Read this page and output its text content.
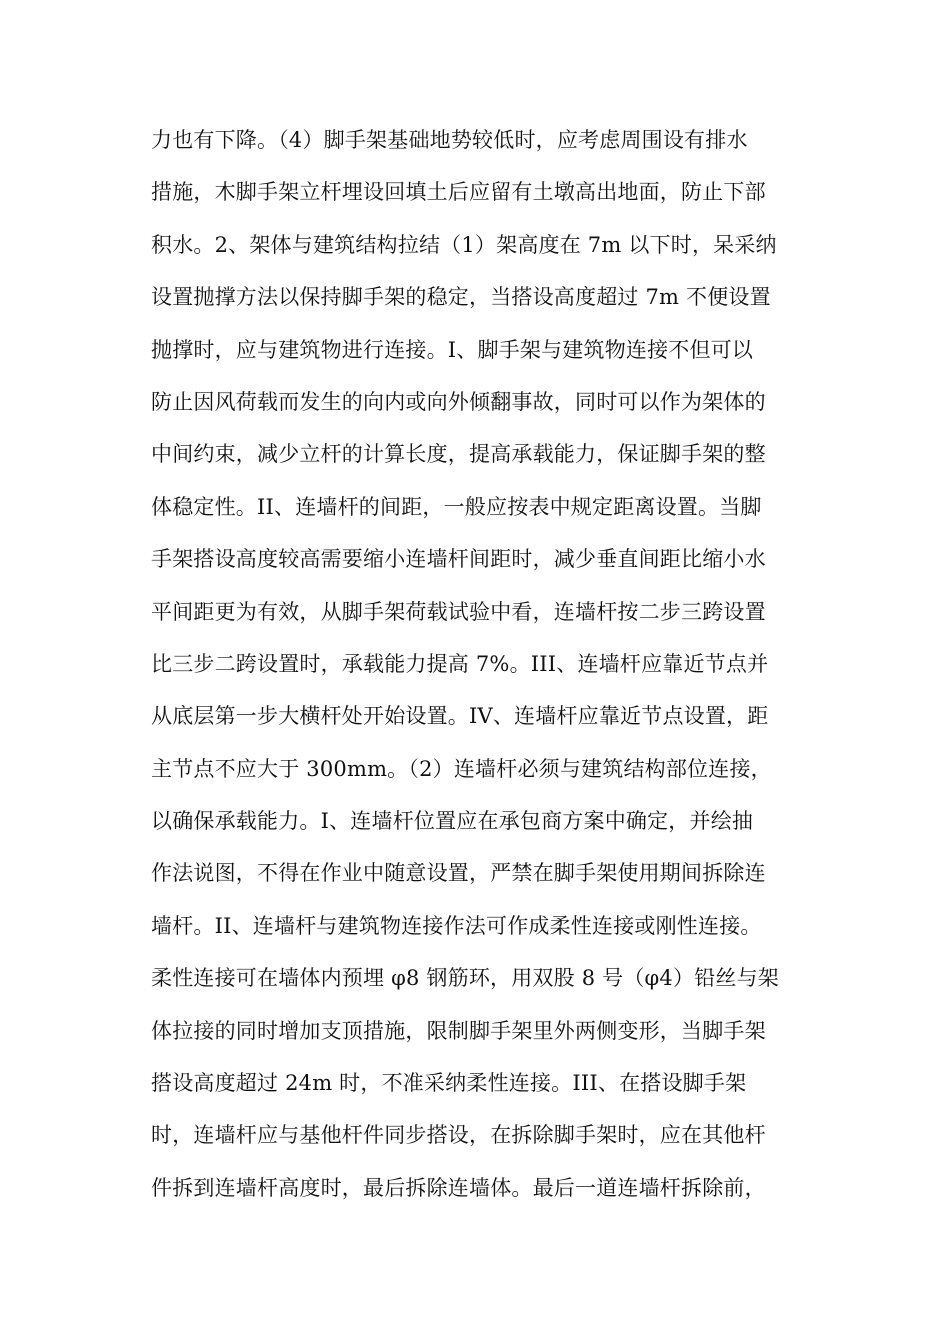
力也有下降。（4）脚手架基础地势较低时，应考虑周围设有排水
措施，木脚手架立杆埋设回填土后应留有土墩高出地面，防止下部
积水。2、架体与建筑结构拉结（1）架高度在 7m 以下时，呆采纳
设置抛撑方法以保持脚手架的稳定，当搭设高度超过 7m 不便设置
抛撑时，应与建筑物进行连接。I、脚手架与建筑物连接不但可以
防止因风荷载而发生的向内或向外倾翻事故，同时可以作为架体的
中间约束，减少立杆的计算长度，提高承载能力，保证脚手架的整
体稳定性。II、连墙杆的间距，一般应按表中规定距离设置。当脚
手架搭设高度较高需要缩小连墙杆间距时，减少垂直间距比缩小水
平间距更为有效，从脚手架荷载试验中看，连墙杆按二步三跨设置
比三步二跨设置时，承载能力提高 7%。III、连墙杆应靠近节点并
从底层第一步大横杆处开始设置。IV、连墙杆应靠近节点设置，距
主节点不应大于 300mm。（2）连墙杆必须与建筑结构部位连接，
以确保承载能力。I、连墙杆位置应在承包商方案中确定，并绘抽
作法说图，不得在作业中随意设置，严禁在脚手架使用期间拆除连
墙杆。II、连墙杆与建筑物连接作法可作成柔性连接或刚性连接。
柔性连接可在墙体内预埋 φ8 钢筋环，用双股 8 号（φ4）铅丝与架
体拉接的同时增加支顶措施，限制脚手架里外两侧变形，当脚手架
搭设高度超过 24m 时，不准采纳柔性连接。III、在搭设脚手架
时，连墙杆应与基他杆件同步搭设，在拆除脚手架时，应在其他杆
件拆到连墙杆高度时，最后拆除连墙体。最后一道连墙杆拆除前，
